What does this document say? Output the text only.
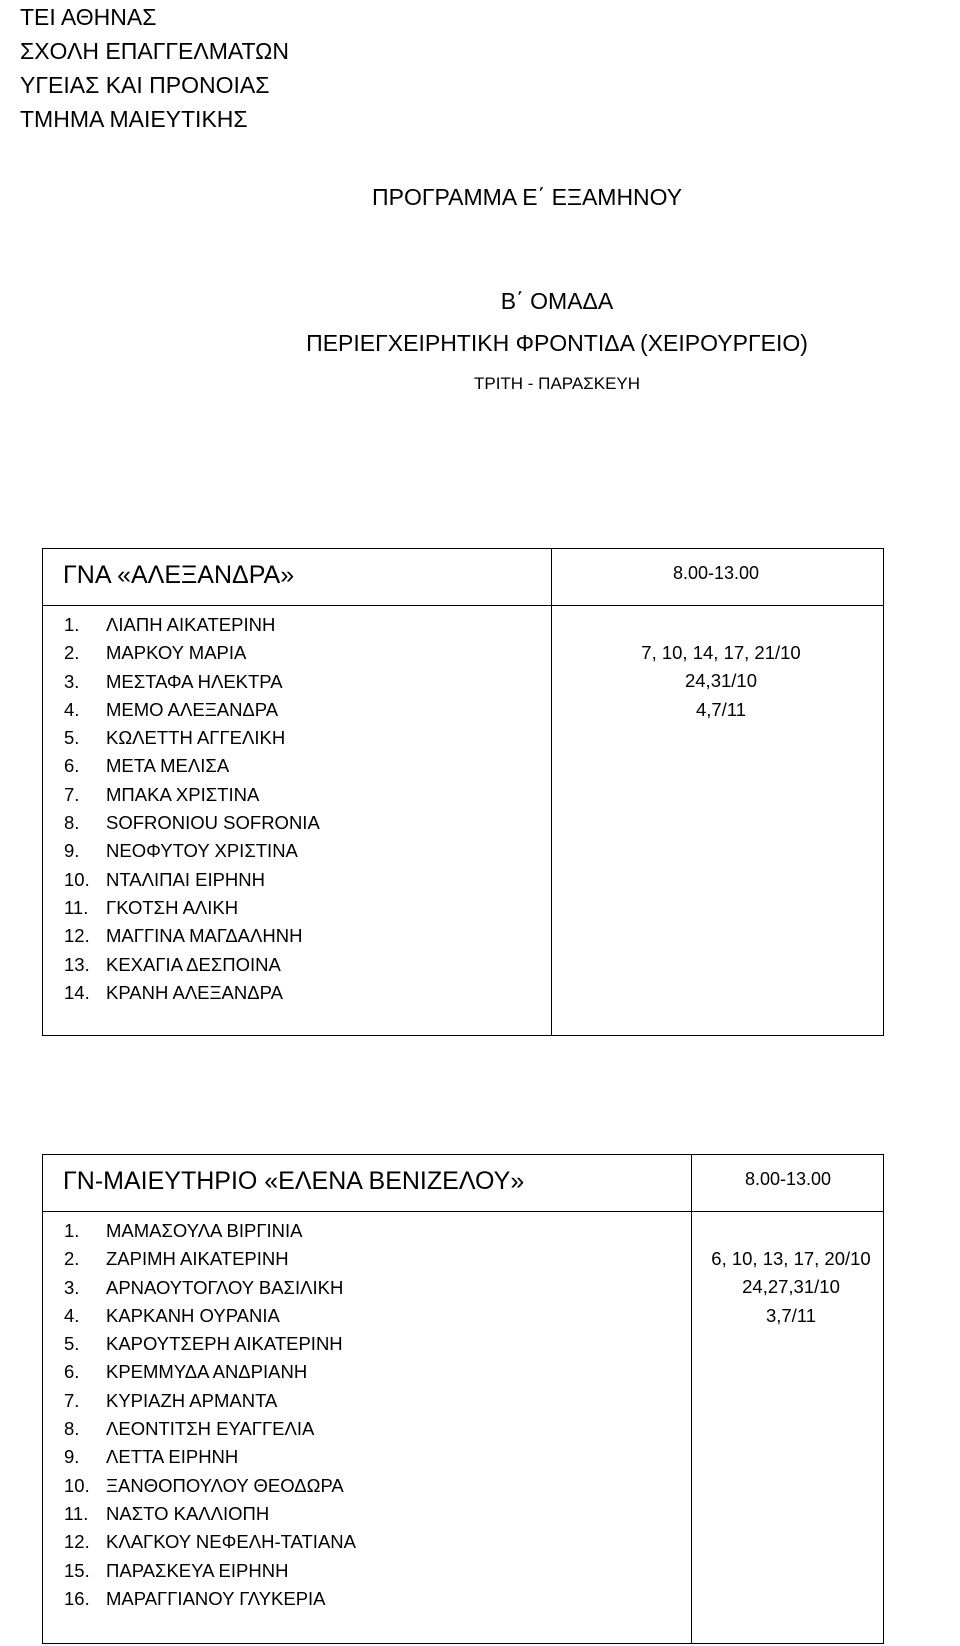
ΤΕΙ ΑΘΗΝΑΣ
ΣΧΟΛΗ ΕΠΑΓΓΕΛΜΑΤΩΝ
ΥΓΕΙΑΣ ΚΑΙ ΠΡΟΝΟΙΑΣ
ΤΜΗΜΑ ΜΑΙΕΥΤΙΚΗΣ
ΠΡΟΓΡΑΜΜΑ Ε΄ ΕΞΑΜΗΝΟΥ
Β΄ ΟΜΑΔΑ
ΠΕΡΙΕΓΧΕΙΡΗΤΙΚΗ ΦΡΟΝΤΙΔΑ (ΧΕΙΡΟΥΡΓΕΙΟ)
ΤΡΙΤΗ - ΠΑΡΑΣΚΕΥΗ
ΓΝΑ «ΑΛΕΞΑΝΔΡΑ»	8.00-13.00
1. ΛΙΑΠΗ ΑΙΚΑΤΕΡΙΝΗ
2. ΜΑΡΚΟΥ ΜΑΡΙΑ
3. ΜΕΣΤΑΦΑ ΗΛΕΚΤΡΑ
4. ΜΕΜΟ ΑΛΕΞΑΝΔΡΑ
5. ΚΩΛΕΤΤΗ ΑΓΓΕΛΙΚΗ
6. ΜΕΤΑ ΜΕΛΙΣΑ
7. ΜΠΑΚΑ ΧΡΙΣΤΙΝΑ
8. SOFRONIOU SOFRONIA
9. ΝΕΟΦΥΤΟΥ ΧΡΙΣΤΙΝΑ
10. ΝΤΑΛΙΠΑΙ ΕΙΡΗΝΗ
11. ΓΚΟΤΣΗ ΑΛΙΚΗ
12. ΜΑΓΓΙΝΑ ΜΑΓΔΑΛΗΝΗ
13. ΚΕΧΑΓΙΑ ΔΕΣΠΟΙΝΑ
14. ΚΡΑΝΗ ΑΛΕΞΑΝΔΡΑ
7, 10, 14, 17, 21/10
24,31/10
4,7/11
ΓΝ-ΜΑΙΕΥΤΗΡΙΟ «ΕΛΕΝΑ ΒΕΝΙΖΕΛΟΥ»	8.00-13.00
1. ΜΑΜΑΣΟΥΛΑ ΒΙΡΓΙΝΙΑ
2. ΖΑΡΙΜΗ ΑΙΚΑΤΕΡΙΝΗ
3. ΑΡΝΑΟΥΤΟΓΛΟΥ ΒΑΣΙΛΙΚΗ
4. ΚΑΡΚΑΝΗ ΟΥΡΑΝΙΑ
5. ΚΑΡΟΥΤΣΕΡΗ ΑΙΚΑΤΕΡΙΝΗ
6. ΚΡΕΜΜΥΔΑ ΑΝΔΡΙΑΝΗ
7. ΚΥΡΙΑΖΗ ΑΡΜΑΝΤΑ
8. ΛΕΟΝΤΙΤΣΗ ΕΥΑΓΓΕΛΙΑ
9. ΛΕΤΤΑ ΕΙΡΗΝΗ
10. ΞΑΝΘΟΠΟΥΛΟΥ ΘΕΟΔΩΡΑ
11. ΝΑΣΤΟ ΚΑΛΛΙΟΠΗ
12. ΚΛΑΓΚΟΥ ΝΕΦΕΛΗ-ΤΑΤΙΑΝΑ
15. ΠΑΡΑΣΚΕΥΑ ΕΙΡΗΝΗ
16. ΜΑΡΑΓΓΙΑΝΟΥ ΓΛΥΚΕΡΙΑ
6, 10, 13, 17, 20/10
24,27,31/10
3,7/11
